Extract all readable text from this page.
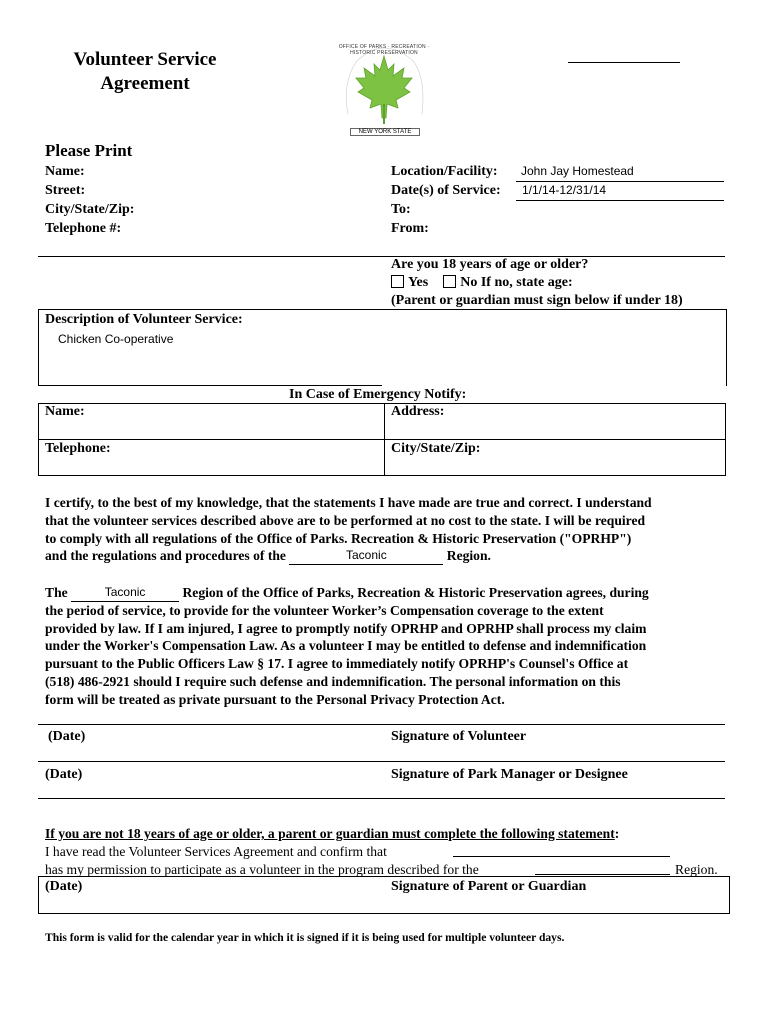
Volunteer Service
Agreement
OFFICE OF PARKS · RECREATION · HISTORIC PRESERVATION
NEW YORK STATE
Please Print
Name:
Street:
City/State/Zip:
Telephone #:
Location/Facility: John Jay Homestead
Date(s) of Service: 1/1/14-12/31/14
To:
From:
Are you 18 years of age or older?
Yes No If no, state age:
(Parent or guardian must sign below if under 18)
Description of Volunteer Service:
Chicken Co-operative
In Case of Emergency Notify:
Name:	Address:
Telephone:	City/State/Zip:
I certify, to the best of my knowledge, that the statements I have made are true and correct. I understand
that the volunteer services described above are to be performed at no cost to the state. I will be required
to comply with all regulations of the Office of Parks. Recreation & Historic Preservation ("OPRHP")
and the regulations and procedures of the	Taconic	Region.
The	Taconic	Region of the Office of Parks, Recreation & Historic Preservation agrees, during
the period of service, to provide for the volunteer Worker’s Compensation coverage to the extent
provided by law. If I am injured, I agree to promptly notify OPRHP and OPRHP shall process my claim
under the Worker's Compensation Law. As a volunteer I may be entitled to defense and indemnification
pursuant to the Public Officers Law § 17. I agree to immediately notify OPRHP's Counsel's Office at
(518) 486-2921 should I require such defense and indemnification. The personal information on this
form will be treated as private pursuant to the Personal Privacy Protection Act.
(Date)	Signature of Volunteer
(Date)	Signature of Park Manager or Designee
If you are not 18 years of age or older, a parent or guardian must complete the following statement:
I have read the Volunteer Services Agreement and confirm that
has my permission to participate as a volunteer in the program described for the	Region.
(Date)	Signature of Parent or Guardian
This form is valid for the calendar year in which it is signed if it is being used for multiple volunteer days.
